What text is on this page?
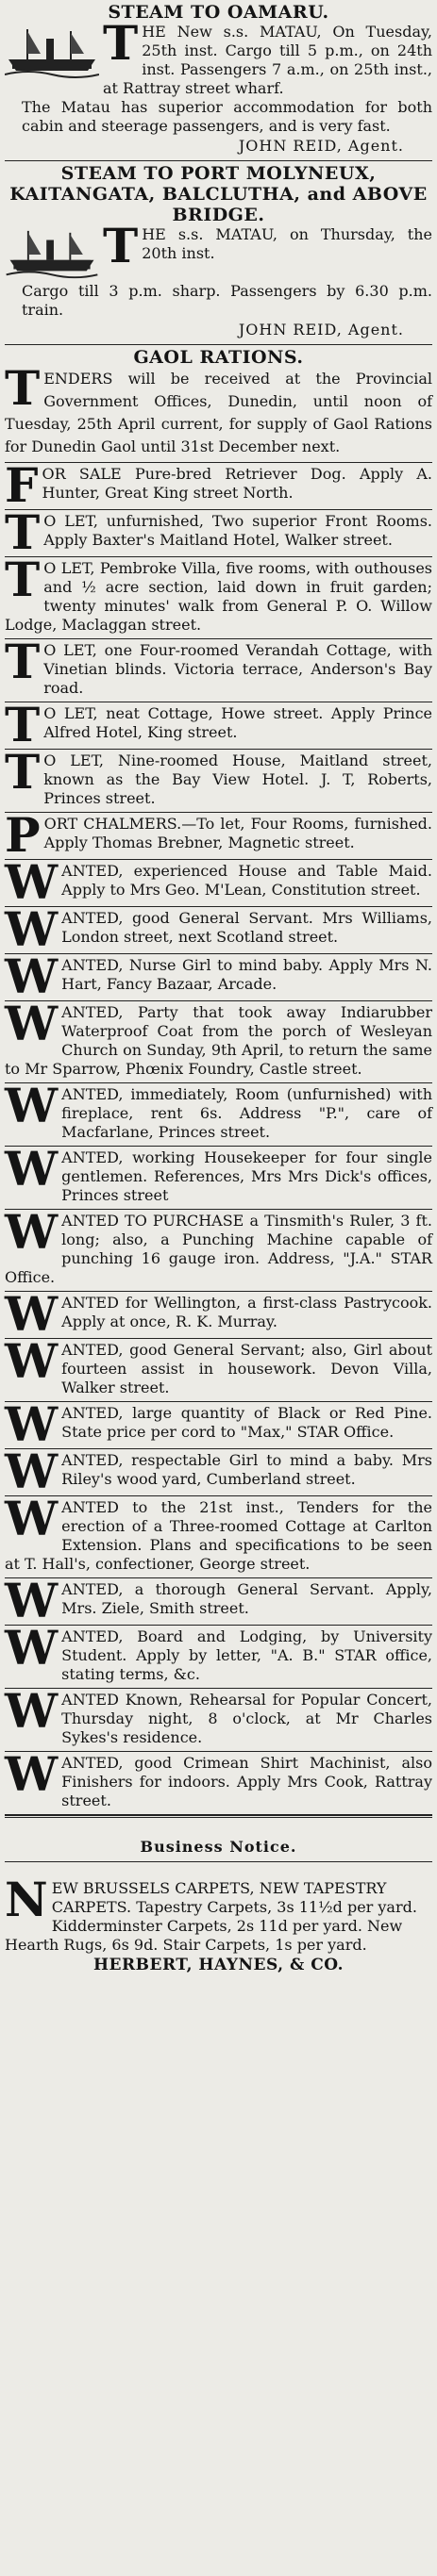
STEAM TO OAMARU.

T HE New s.s. MATAU, On Tuesday, 25th inst. Cargo till 5 p.m., on 24th inst. Passengers 7 a.m., on 25th inst., at Rattray street wharf.

The Matau has superior accommodation for both cabin and steerage passengers, and is very fast.

JOHN REID, Agent.

STEAM TO PORT MOLYNEUX, KAITANGATA, BALCLUTHA, and ABOVE BRIDGE.

T HE s.s. MATAU, on Thursday, the 20th inst.

Cargo till 3 p.m. sharp. Passengers by 6.30 p.m. train.

JOHN REID, Agent.

GAOL RATIONS.

T ENDERS will be received at the Provincial Government Offices, Dunedin, until noon of Tuesday, 25th April current, for supply of Gaol Rations for Dunedin Gaol until 31st December next.

F OR SALE Pure-bred Retriever Dog. Apply A. Hunter, Great King street North.

T O LET, unfurnished, Two superior Front Rooms. Apply Baxter's Maitland Hotel, Walker street.

T O LET, Pembroke Villa, five rooms, with outhouses and ½ acre section, laid down in fruit garden; twenty minutes' walk from General P. O. Willow Lodge, Maclaggan street.

T O LET, one Four-roomed Verandah Cottage, with Vinetian blinds. Victoria terrace, Anderson's Bay road.

T O LET, neat Cottage, Howe street. Apply Prince Alfred Hotel, King street.

T O LET, Nine-roomed House, Maitland street, known as the Bay View Hotel. J. T, Roberts, Princes street.

P ORT CHALMERS.—To let, Four Rooms, furnished. Apply Thomas Brebner, Magnetic street.

W ANTED, experienced House and Table Maid. Apply to Mrs Geo. M'Lean, Constitution street.

W ANTED, good General Servant. Mrs Williams, London street, next Scotland street.

W ANTED, Nurse Girl to mind baby. Apply Mrs N. Hart, Fancy Bazaar, Arcade.

W ANTED, Party that took away Indiarubber Waterproof Coat from the porch of Wesleyan Church on Sunday, 9th April, to return the same to Mr Sparrow, Phœnix Foundry, Castle street.

W ANTED, immediately, Room (unfurnished) with fireplace, rent 6s. Address "P.", care of Macfarlane, Princes street.

W ANTED, working Housekeeper for four single gentlemen. References, Mrs Mrs Dick's offices, Princes street

W ANTED TO PURCHASE a Tinsmith's Ruler, 3 ft. long; also, a Punching Machine capable of punching 16 gauge iron. Address, "J.A." STAR Office.

W ANTED for Wellington, a first-class Pastrycook. Apply at once, R. K. Murray.

W ANTED, good General Servant; also, Girl about fourteen assist in housework. Devon Villa, Walker street.

W ANTED, large quantity of Black or Red Pine. State price per cord to "Max," STAR Office.

W ANTED, respectable Girl to mind a baby. Mrs Riley's wood yard, Cumberland street.

W ANTED to the 21st inst., Tenders for the erection of a Three-roomed Cottage at Carlton Extension. Plans and specifications to be seen at T. Hall's, confectioner, George street.

W ANTED, a thorough General Servant. Apply, Mrs. Ziele, Smith street.

W ANTED, Board and Lodging, by University Student. Apply by letter, "A. B." STAR office, stating terms, &c.

W ANTED Known, Rehearsal for Popular Concert, Thursday night, 8 o'clock, at Mr Charles Sykes's residence.

W ANTED, good Crimean Shirt Machinist, also Finishers for indoors. Apply Mrs Cook, Rattray street.

Business Notice.

N EW BRUSSELS CARPETS, NEW TAPESTRY CARPETS. Tapestry Carpets, 3s 11½d per yard. Kidderminster Carpets, 2s 11d per yard. New Hearth Rugs, 6s 9d. Stair Carpets, 1s per yard.

HERBERT, HAYNES, & CO.
